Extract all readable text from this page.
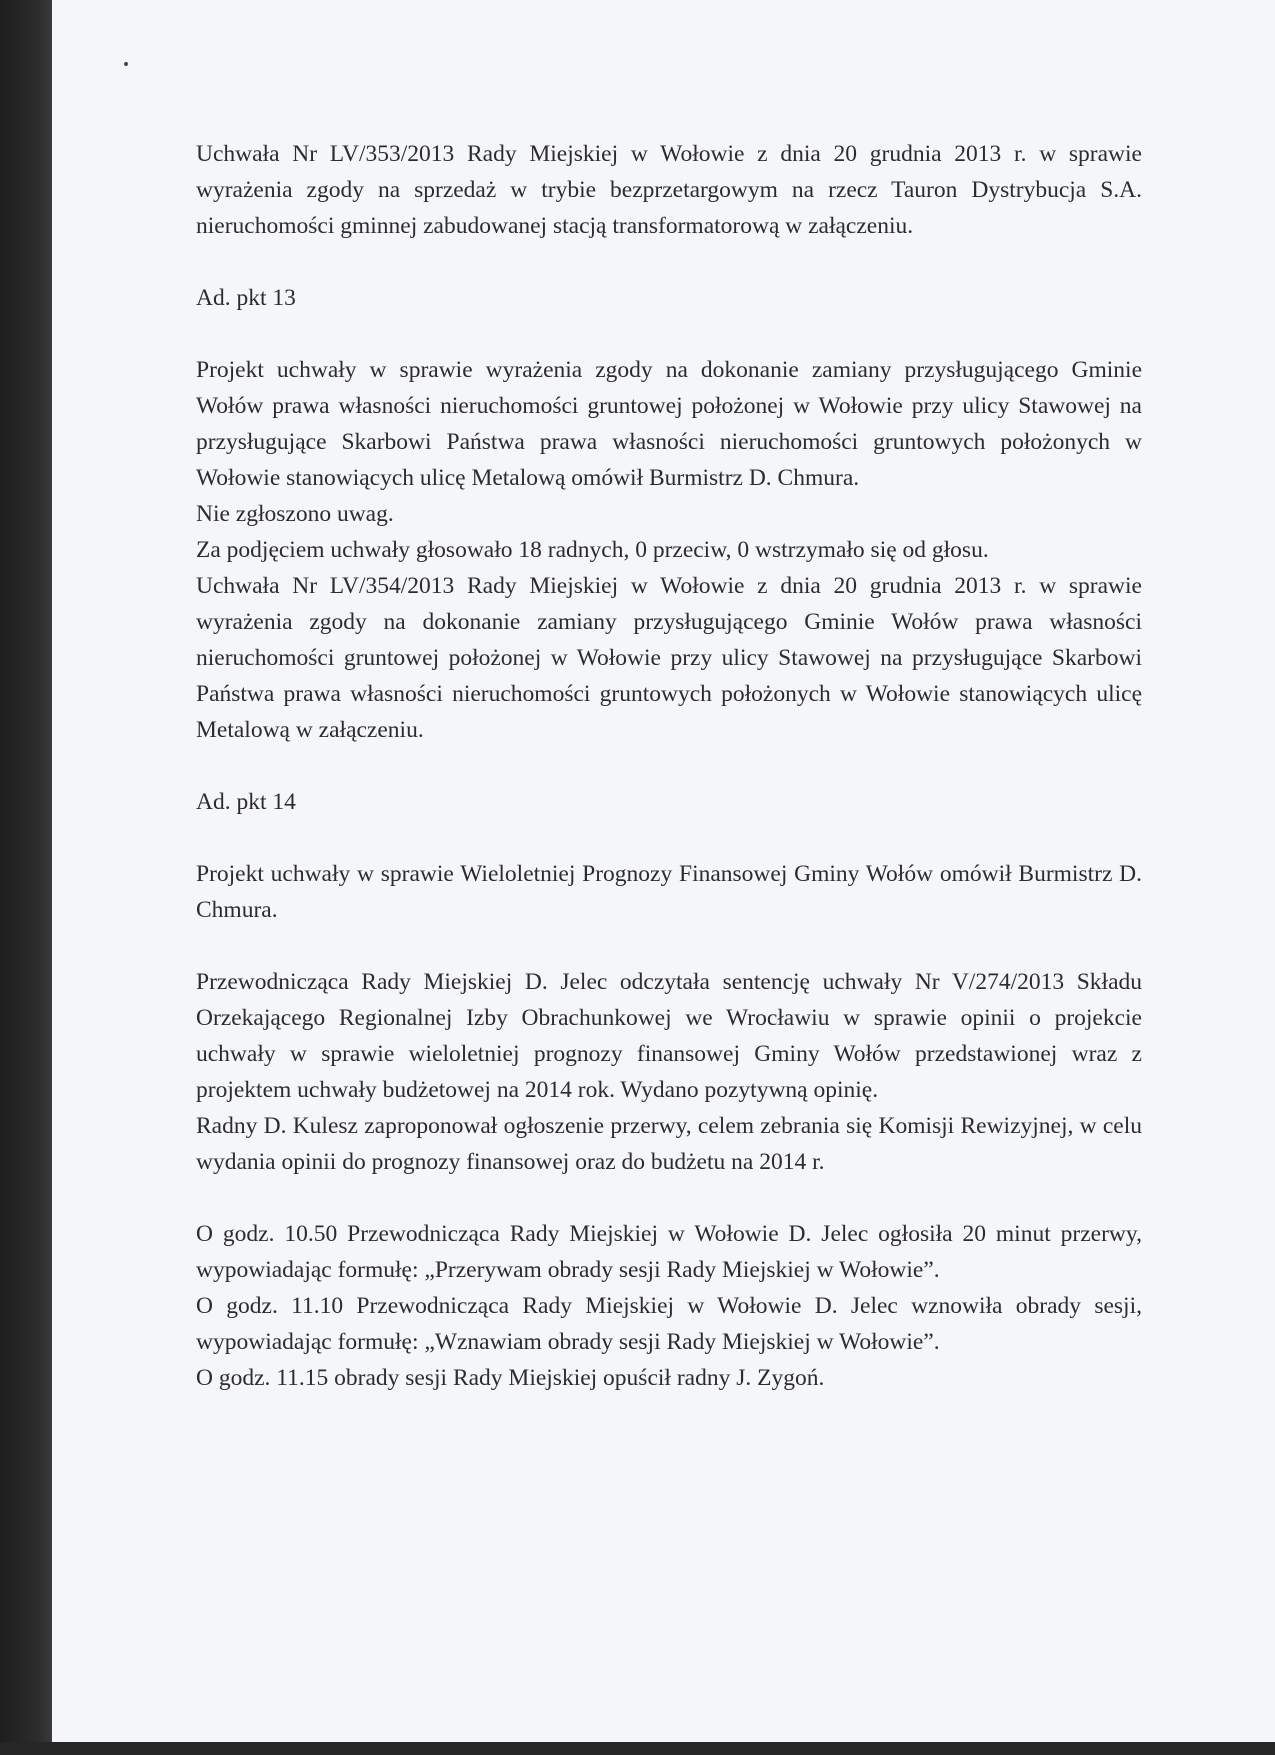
Uchwała Nr LV/353/2013 Rady Miejskiej w Wołowie z dnia 20 grudnia 2013 r. w sprawie wyrażenia zgody na sprzedaż w trybie bezprzetargowym na rzecz Tauron Dystrybucja S.A. nieruchomości gminnej zabudowanej stacją transformatorową w załączeniu.

Ad. pkt 13

Projekt uchwały w sprawie wyrażenia zgody na dokonanie zamiany przysługującego Gminie Wołów prawa własności nieruchomości gruntowej położonej w Wołowie przy ulicy Stawowej na przysługujące Skarbowi Państwa prawa własności nieruchomości gruntowych położonych w Wołowie stanowiących ulicę Metalową omówił Burmistrz D. Chmura.

Nie zgłoszono uwag.

Za podjęciem uchwały głosowało 18 radnych, 0 przeciw, 0 wstrzymało się od głosu.

Uchwała Nr LV/354/2013 Rady Miejskiej w Wołowie z dnia 20 grudnia 2013 r. w sprawie wyrażenia zgody na dokonanie zamiany przysługującego Gminie Wołów prawa własności nieruchomości gruntowej położonej w Wołowie przy ulicy Stawowej na przysługujące Skarbowi Państwa prawa własności nieruchomości gruntowych położonych w Wołowie stanowiących ulicę Metalową w załączeniu.

Ad. pkt 14

Projekt uchwały w sprawie Wieloletniej Prognozy Finansowej Gminy Wołów omówił Burmistrz D. Chmura.

Przewodnicząca Rady Miejskiej D. Jelec odczytała sentencję uchwały Nr V/274/2013 Składu Orzekającego Regionalnej Izby Obrachunkowej we Wrocławiu w sprawie opinii o projekcie uchwały w sprawie wieloletniej prognozy finansowej Gminy Wołów przedstawionej wraz z projektem uchwały budżetowej na 2014 rok. Wydano pozytywną opinię.

Radny D. Kulesz zaproponował ogłoszenie przerwy, celem zebrania się Komisji Rewizyjnej, w celu wydania opinii do prognozy finansowej oraz do budżetu na 2014 r.

O godz. 10.50 Przewodnicząca Rady Miejskiej w Wołowie D. Jelec ogłosiła 20 minut przerwy, wypowiadając formułę: „Przerywam obrady sesji Rady Miejskiej w Wołowie”.

O godz. 11.10 Przewodnicząca Rady Miejskiej w Wołowie D. Jelec wznowiła obrady sesji, wypowiadając formułę: „Wznawiam obrady sesji Rady Miejskiej w Wołowie”.

O godz. 11.15 obrady sesji Rady Miejskiej opuścił radny J. Zygoń.
